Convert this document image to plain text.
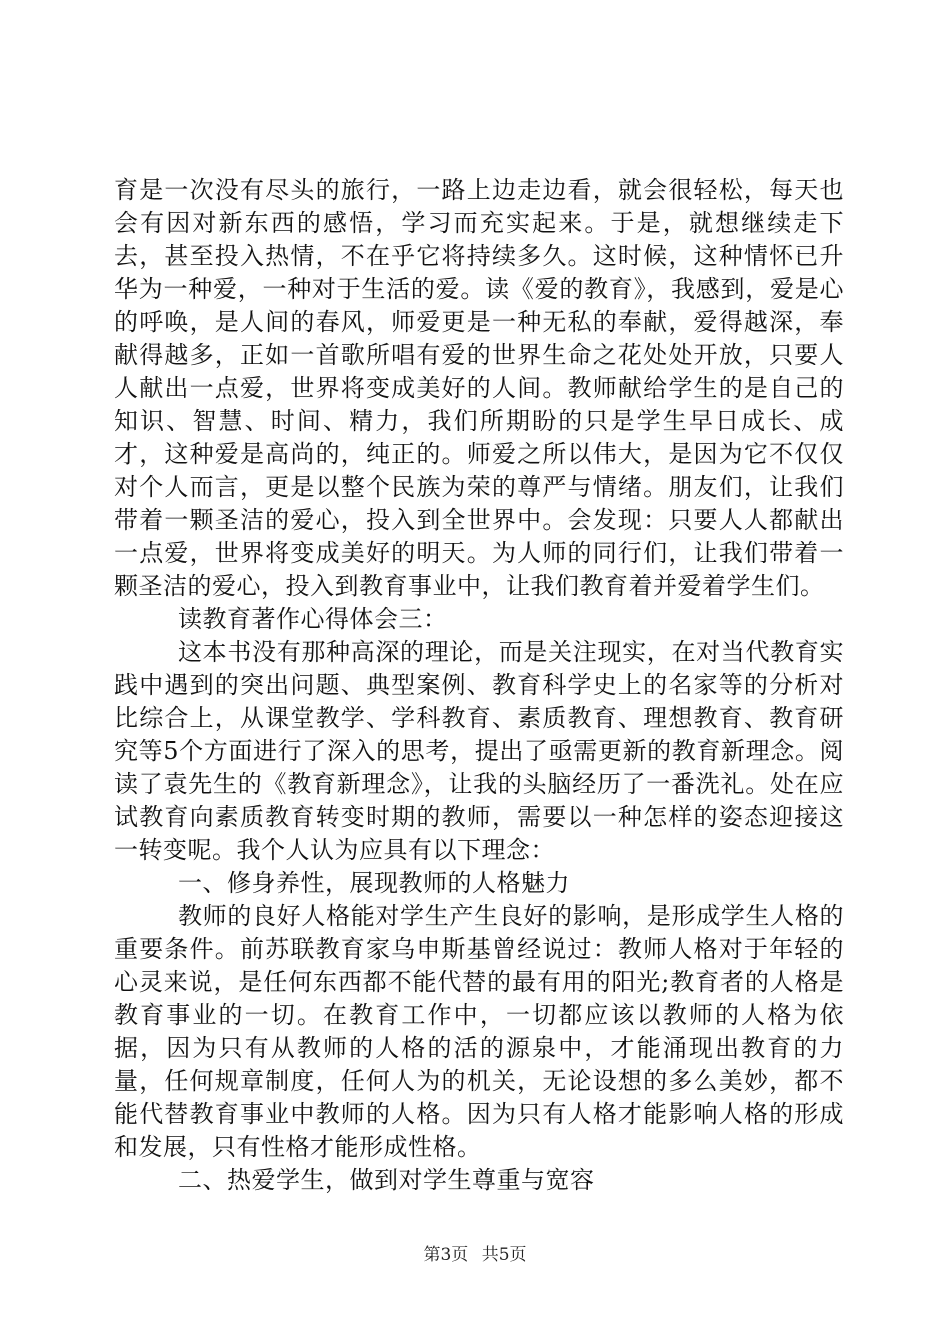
育是一次没有尽头的旅行，一路上边走边看，就会很轻松，每天也会有因对新东西的感悟，学习而充实起来。于是，就想继续走下去，甚至投入热情，不在乎它将持续多久。这时候，这种情怀已升华为一种爱，一种对于生活的爱。读《爱的教育》，我感到，爱是心的呼唤，是人间的春风，师爱更是一种无私的奉献，爱得越深，奉献得越多，正如一首歌所唱有爱的世界生命之花处处开放，只要人人献出一点爱，世界将变成美好的人间。教师献给学生的是自己的知识、智慧、时间、精力，我们所期盼的只是学生早日成长、成才，这种爱是高尚的，纯正的。师爱之所以伟大，是因为它不仅仅对个人而言，更是以整个民族为荣的尊严与情绪。朋友们，让我们带着一颗圣洁的爱心，投入到全世界中。会发现：只要人人都献出一点爱，世界将变成美好的明天。为人师的同行们，让我们带着一颗圣洁的爱心，投入到教育事业中，让我们教育着并爱着学生们。

读教育著作心得体会三：

这本书没有那种高深的理论，而是关注现实，在对当代教育实践中遇到的突出问题、典型案例、教育科学史上的名家等的分析对比综合上，从课堂教学、学科教育、素质教育、理想教育、教育研究等5个方面进行了深入的思考，提出了亟需更新的教育新理念。阅读了袁先生的《教育新理念》，让我的头脑经历了一番洗礼。处在应试教育向素质教育转变时期的教师，需要以一种怎样的姿态迎接这一转变呢。我个人认为应具有以下理念：

一、修身养性，展现教师的人格魅力

教师的良好人格能对学生产生良好的影响，是形成学生人格的重要条件。前苏联教育家乌申斯基曾经说过：教师人格对于年轻的心灵来说，是任何东西都不能代替的最有用的阳光;教育者的人格是教育事业的一切。在教育工作中，一切都应该以教师的人格为依据，因为只有从教师的人格的活的源泉中，才能涌现出教育的力量，任何规章制度，任何人为的机关，无论设想的多么美妙，都不能代替教育事业中教师的人格。因为只有人格才能影响人格的形成和发展，只有性格才能形成性格。

二、热爱学生，做到对学生尊重与宽容

第3页 共5页
